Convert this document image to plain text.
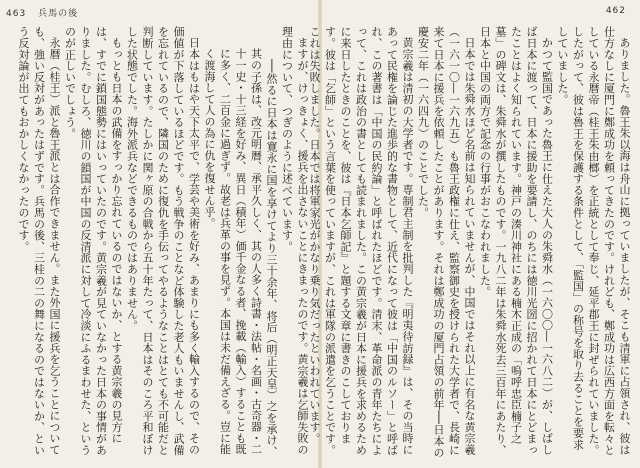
463 兵馬の後	462

ありました。魯王朱以海は舟山に拠っていましたが、そこも清軍に占領され、彼は仕方なしに厦門に鄭成功を頼ってきたのです。けれども、鄭成功は広西方面を転々としている永暦帝（桂王朱由榔）を正統として奉じ、延平郡王に封ぜられていました。したがって、彼は魯王を保護する条件として、「監国」の称号を取り去ることを要求していました。

かつて監国であった魯王に仕えた大人の朱舜水（一六〇〇―一六八二）が、しばしば日本に渡って、日本に援助を要請し、のちには徳川光圀に招かれて日本にとどまったことはよく知られています。神戸の湊川神社にある楠木正成の「嗚呼忠臣楠子之墓」の碑文は、朱舜水が撰したものです。一九八二年は朱舜水死去三百年にあたり、日本と中国の両方で記念の行事がおこなわれました。

日本では朱舜水ほど名前は知られていませんが、中国ではそれ以上に有名な黄宗羲（一六一〇―一六九五）も魯王政権に仕え、監察御史を授けられた大学者で、長崎に来て日本に援兵を依頼したことがあります。それは鄭成功の厦門占領の前年──日本の慶安二年（一六四九）のことでした。

黄宗羲は清初の大学者です。専制君主制を批判した『明夷待訪録』は、その当時にあって民権を論じた進歩的な書物として、近代になって彼は「中国のルソー」と呼ばれ、この著書は「中国の民約論」と呼ばれたほどです。清末、革命派の青年たちによって、これは政治の書としても読まれました。この黄宗羲が日本に援兵を求めるために来日したときのことを、彼は『日本乞師記』と題する文章に書きのこしております。彼は「乞師」という言葉を使っていますが、これは軍隊の派遣を乞うことです。これは失敗しました。日本では将軍家光がかなり乗り気だったといわれています。

ますが、けっきょく、援兵を出さないことにきまったのです。黄宗羲は乞師失敗の理由について、つぎのように述べています。

──然るに日本は寛永に国を享けてより三十余年、将后（明正天皇）之を承け、其の子孫は、改元明暦、承平久しく、其の人多く詩書・法帖・名画・古奇器・二十一史・十三経を好み、異日（積年）価千金なる者、挽載（輸入）することも既に多く、二百金に過ぎず。故老は兵革の事を見ず。本国は未だ備えざる。豈に能く渡海して人の為に仇を復せん乎。

日本はもはや天下太平で、学芸や美術を好み、あまりにも多く輸入するので、その価値が下落しているほどです。もう戦争のことなど体験した老人もいませんし、武備を忘れているので、隣国のために復仇を手伝ってやるようなことはとても不可能だと判断しています。たしかに関ヶ原の合戦から五十年たって、日本はそのころ平和ぼけした状態でした。海外派兵などできるものではありません。

もっとも日本の武備をすっかり忘れているのではないか、とする黄宗羲の見方には、すでに鎖国態勢にはいっていたのです。黄宗羲が見ていなかった日本の事情がありました。むしろ、徳川の鎖国が中国の反清派に対して冷淡にふるまわせた、というのが正しいでしょう。

永暦（桂王）派と魯王派とは合作できません。また外国に援兵を乞うことについても、強い反対があったはずです。兵馬の後、三桂の二の舞になるのではないか、という反対論が出てもおかしくなかったのです。
